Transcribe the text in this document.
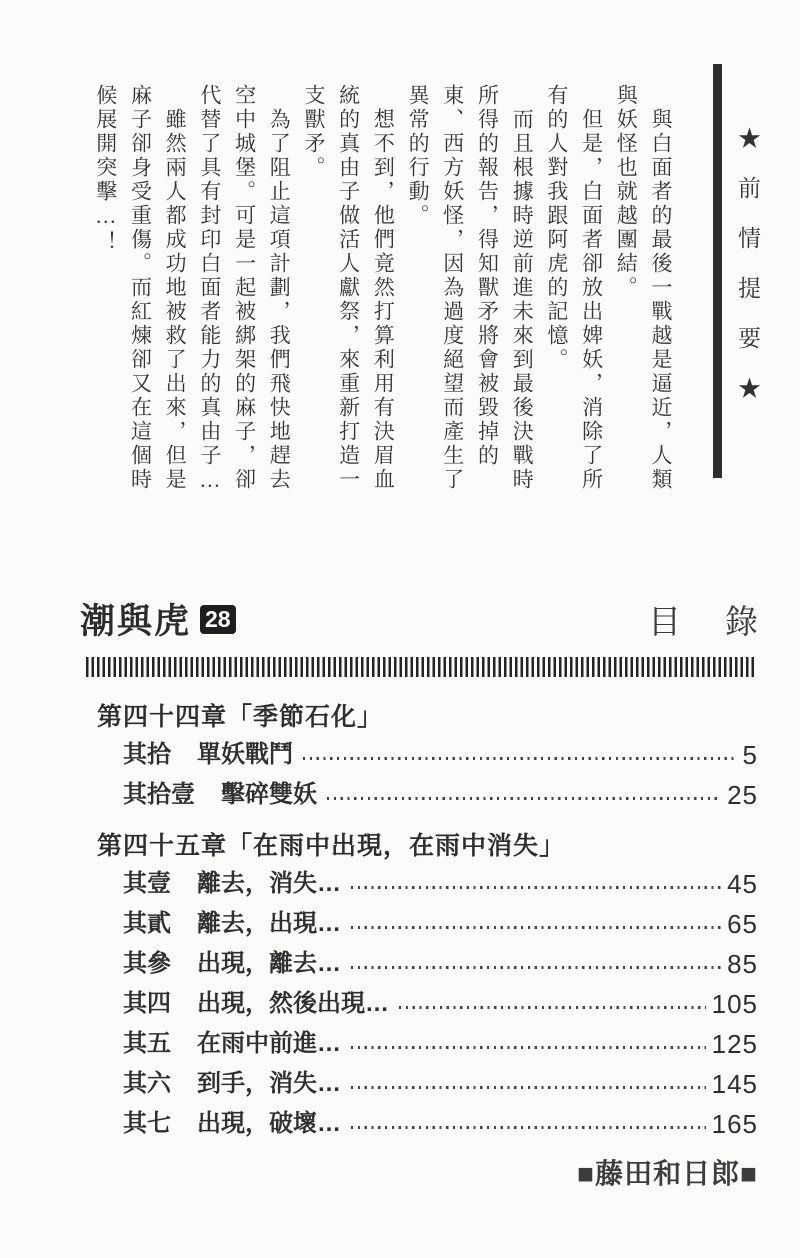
★前情提要★

與白面者的最後一戰越是逼近，人類與妖怪也就越團結。

但是，白面者卻放出婢妖，消除了所有的人對我跟阿虎的記憶。

而且根據時逆前進未來到最後決戰時所得的報告，得知獸矛將會被毀掉的東、西方妖怪，因為過度絕望而產生了異常的行動。

想不到，他們竟然打算利用有決眉血統的真由子做活人獻祭，來重新打造一支獸矛。

為了阻止這項計劃，我們飛快地趕去空中城堡。可是一起被綁架的麻子，卻代替了具有封印白面者能力的真由子…

雖然兩人都成功地被救了出來，但是麻子卻身受重傷。而紅煉卻又在這個時候展開突擊…！

潮與虎 28	目 錄
第四十四章「季節石化」
其拾 單妖戰鬥	5
其拾壹 擊碎雙妖	25
第四十五章「在雨中出現，在雨中消失」
其壹 離去，消失…	45
其貳 離去，出現…	65
其參 出現，離去…	85
其四 出現，然後出現…	105
其五 在雨中前進…	125
其六 到手，消失…	145
其七 出現，破壞…	165
■藤田和日郎■
